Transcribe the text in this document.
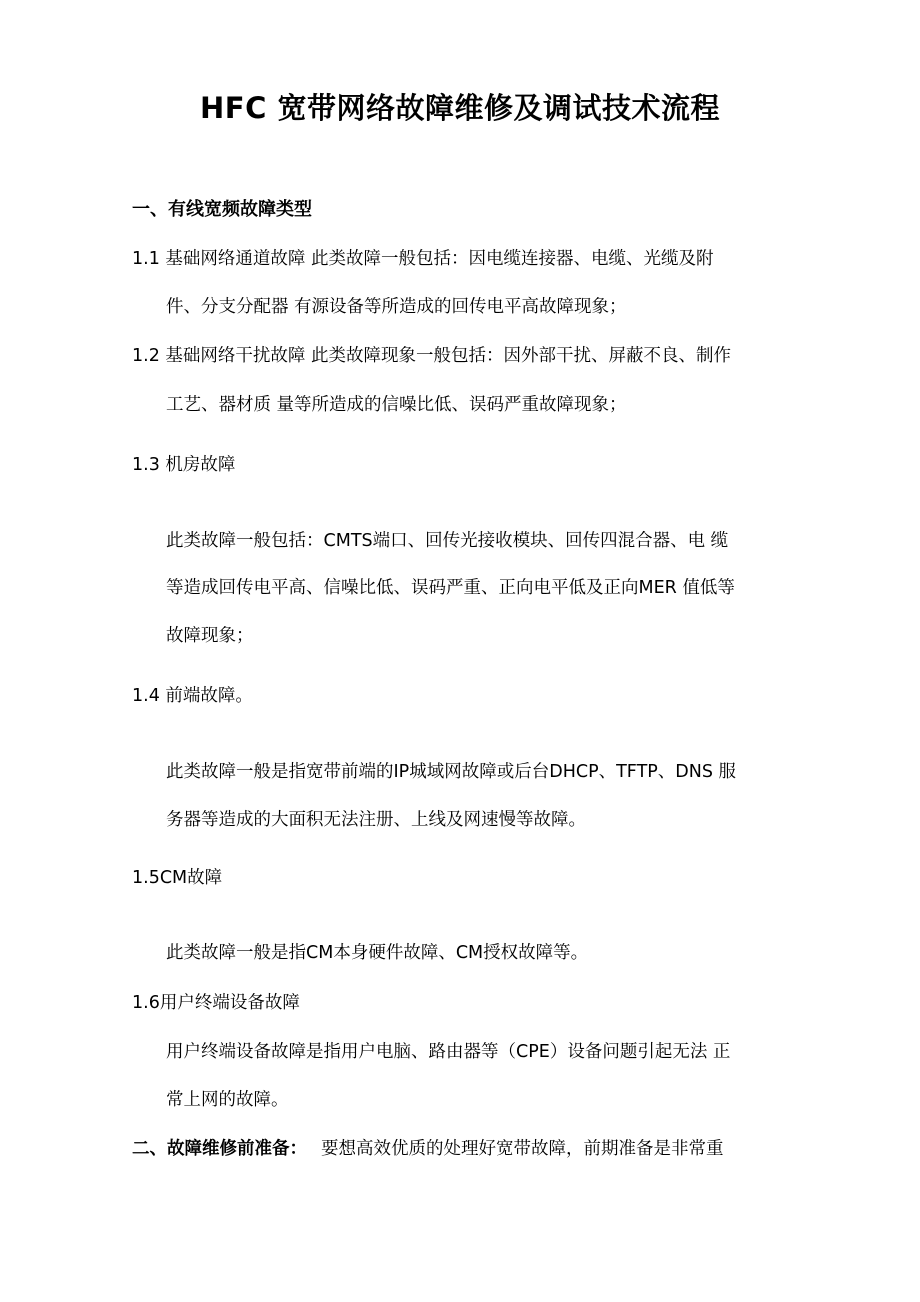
HFC 宽带网络故障维修及调试技术流程
一、有线宽频故障类型
1.1 基础网络通道故障 此类故障一般包括：因电缆连接器、电缆、光缆及附
件、分支分配器 有源设备等所造成的回传电平高故障现象；
1.2 基础网络干扰故障 此类故障现象一般包括：因外部干扰、屏蔽不良、制作
工艺、器材质 量等所造成的信噪比低、误码严重故障现象；
1.3 机房故障
此类故障一般包括：CMTS端口、回传光接收模块、回传四混合器、电 缆
等造成回传电平高、信噪比低、误码严重、正向电平低及正向MER 值低等
故障现象；
1.4 前端故障。
此类故障一般是指宽带前端的IP城域网故障或后台DHCP、TFTP、DNS 服
务器等造成的大面积无法注册、上线及网速慢等故障。
1.5CM故障
此类故障一般是指CM本身硬件故障、CM授权故障等。
1.6用户终端设备故障
用户终端设备故障是指用户电脑、路由器等（CPE）设备问题引起无法 正
常上网的故障。
二、故障维修前准备： 要想高效优质的处理好宽带故障，前期准备是非常重
